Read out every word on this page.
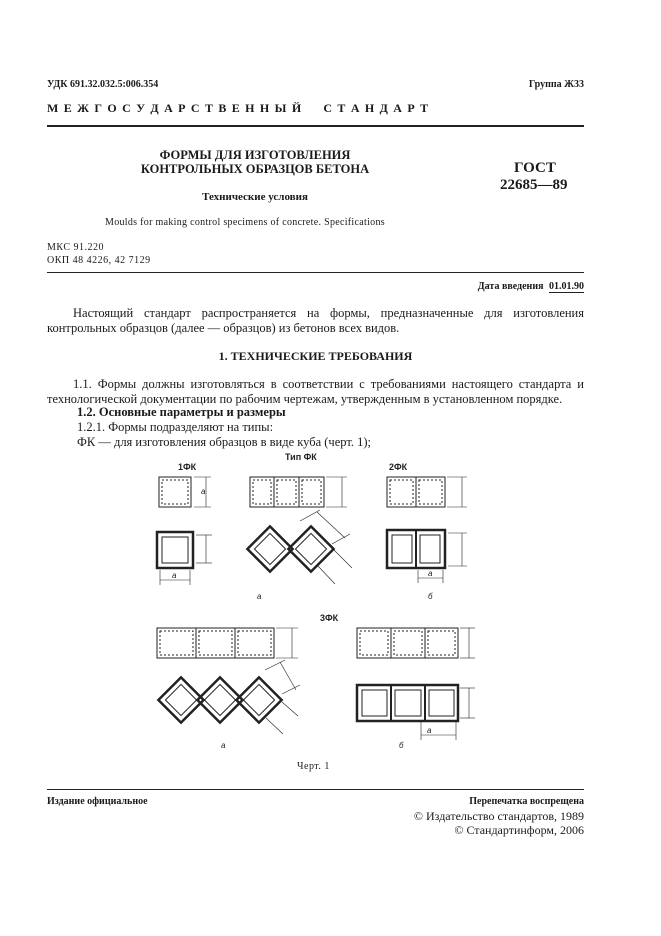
УДК 691.32.032.5:006.354	Группа Ж33
М Е Ж Г О С У Д А Р С Т В Е Н Н Ы Й     С Т А Н Д А Р Т
ФОРМЫ ДЛЯ ИЗГОТОВЛЕНИЯ
КОНТРОЛЬНЫХ ОБРАЗЦОВ БЕТОНА
Технические условия
ГОСТ
22685—89
Moulds for making control specimens of concrete. Specifications
МКС 91.220
ОКП 48 4226, 42 7129
Дата введения 01.01.90
Настоящий стандарт распространяется на формы, предназначенные для изготовления контрольных образцов (далее — образцов) из бетонов всех видов.
1. ТЕХНИЧЕСКИЕ ТРЕБОВАНИЯ
1.1. Формы должны изготовляться в соответствии с требованиями настоящего стандарта и технологической документации по рабочим чертежам, утвержденным в установленном порядке.
1.2. Основные параметры и размеры
1.2.1. Формы подразделяют на типы:
ФК — для изготовления образцов в виде куба (черт. 1);
Тип ФК
1ФК	2ФК
3ФК
а	б
а	б
а
а	а
а
Черт. 1
Издание официальное	Перепечатка воспрещена
© Издательство стандартов, 1989
© Стандартинформ, 2006
